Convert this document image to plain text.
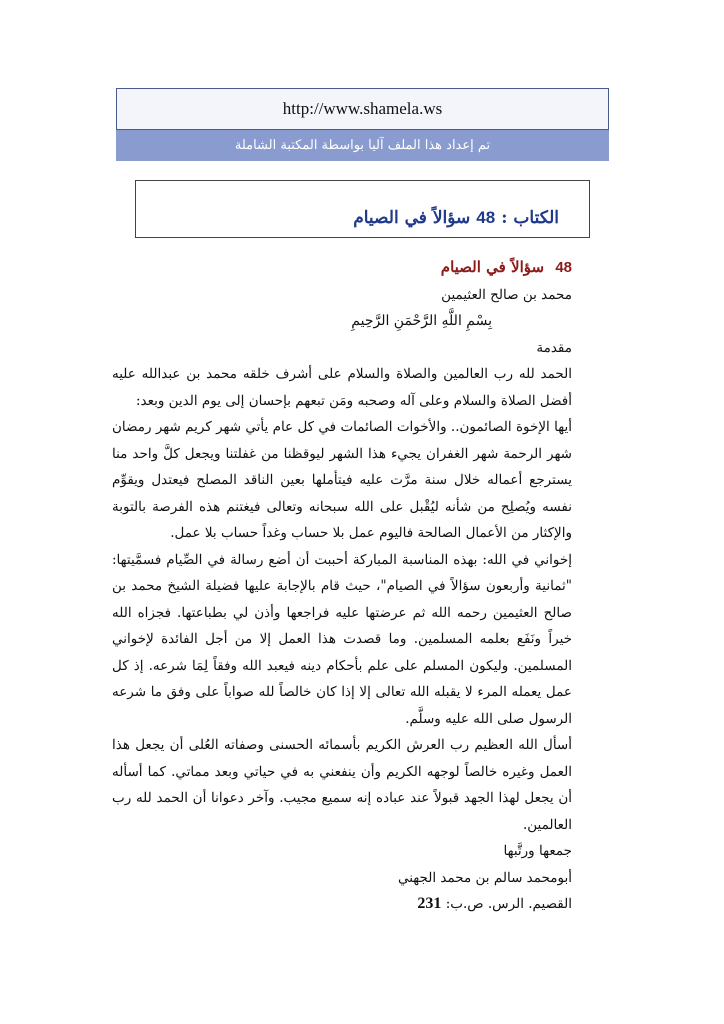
http://www.shamela.ws
تم إعداد هذا الملف آليا بواسطة المكتبة الشاملة
الكتاب :
48
سؤالاً في الصيام

48 سؤالاً في الصيام

محمد بن صالح العثيمين

بِسْمِ اللَّهِ الرَّحْمَنِ الرَّحِيمِ

مقدمة

الحمد لله رب العالمين والصلاة والسلام على أشرف خلقه محمد بن عبدالله عليه أفضل الصلاة والسلام وعلى آله وصحبه ومَن تبعهم بإحسان إلى يوم الدين وبعد:

أيها الإخوة الصائمون.. والأخوات الصائمات في كل عام يأتي شهر كريم شهر رمضان شهر الرحمة شهر الغفران يجيء هذا الشهر ليوقظنا من غفلتنا ويجعل كلَّ واحد منا يسترجع أعماله خلال سنة مرَّت عليه فيتأملها بعين الناقد المصلح فيعتدل ويقوِّم نفسه ويُصلِح من شأنه ليُقْبل على الله سبحانه وتعالى فيغتنم هذه الفرصة بالتوبة والإكثار من الأعمال الصالحة فاليوم عمل بلا حساب وغداً حساب بلا عمل.

إخواني في الله: بهذه المناسبة المباركة أحببت أن أضع رسالة في الصِّيام فسمَّيتها: "ثمانية وأربعون سؤالاً في الصيام"، حيث قام بالإجابة عليها فضيلة الشيخ محمد بن صالح العثيمين رحمه الله ثم عرضتها عليه فراجعها وأذن لي بطباعتها. فجزاه الله خيراً ونَفَع بعلمه المسلمين. وما قصدت هذا العمل إلا من أجل الفائدة لإخواني المسلمين. وليكون المسلم على علم بأحكام دينه فيعبد الله وفقاً لِمَا شرعه. إذ كل عمل يعمله المرء لا يقبله الله تعالى إلا إذا كان خالصاً لله صواباً على وفق ما شرعه الرسول صلى الله عليه وسلَّم.

أسأل الله العظيم رب العرش الكريم بأسمائه الحسنى وصفاته العُلى أن يجعل هذا العمل وغيره خالصاً لوجهه الكريم وأن ينفعني به في حياتي وبعد مماتي. كما أسأله أن يجعل لهذا الجهد قبولاً عند عباده إنه سميع مجيب. وآخر دعوانا أن الحمد لله رب العالمين.

جمعها ورتَّبها

أبومحمد سالم بن محمد الجهني

القصيم. الرس. ص.ب: 231
